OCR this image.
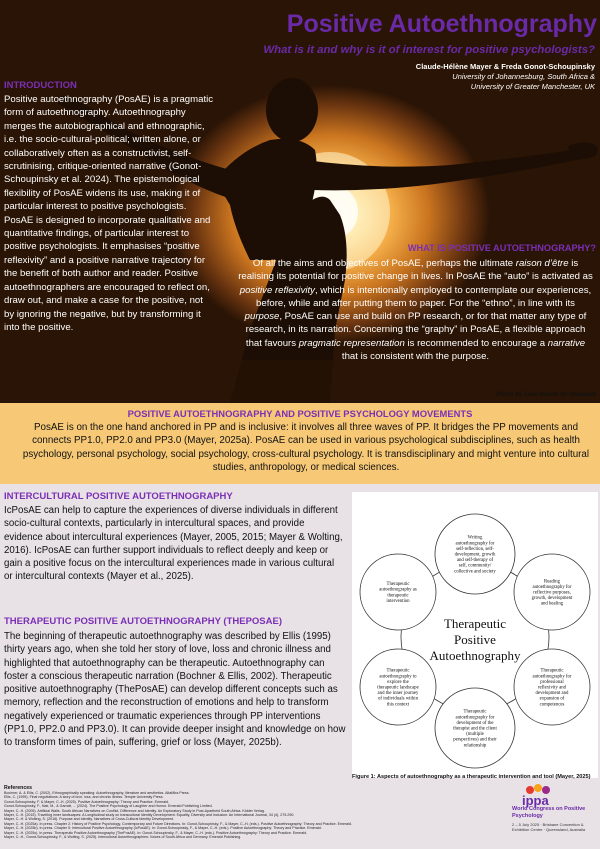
Positive Autoethnography
What is it and why is it of interest for positive psychologists?
Claude-Hélène Mayer & Freda Gonot-Schoupinsky
University of Johannesburg, South Africa &
University of Greater Manchester, UK
INTRODUCTION
Positive autoethnography (PosAE) is a pragmatic form of autoethnography. Autoethnography merges the autobiographical and ethnographic, i.e. the socio-cultural-political; written alone, or collaboratively often as a constructivist, self-scrutinising, critique-oriented narrative (Gonot-Schoupinsky et al. 2024). The epistemological flexibility of PosAE widens its use, making it of particular interest to positive psychologists.
PosAE is designed to incorporate qualitative and quantitative findings, of particular interest to positive psychologists. It emphasises “positive reflexivity” and a positive narrative trajectory for the benefit of both author and reader. Positive autoethnographers are encouraged to reflect on, draw out, and make a case for the positive, not by ignoring the negative, but by transforming it into the positive.
WHAT IS POSITIVE AUTOETHNOGRAPHY?
Of all the aims and objectives of PosAE, perhaps the ultimate raison d’être is realising its potential for positive change in lives. In PosAE the “auto” is activated as positive reflexivity, which is intentionally employed to contemplate our experiences, before, while and after putting them to paper. For the “ethno”, in line with its purpose, PosAE can use and build on PP research, or for that matter any type of research, in its narration. Concerning the “graphy” in PosAE, a flexible approach that favours pragmatic representation is recommended to encourage a narrative that is consistent with the purpose.
Photo by Zack Durant on Unsplash
POSITIVE AUTOETHNOGRAPHY AND POSITIVE PSYCHOLOGY MOVEMENTS
PosAE is on the one hand anchored in PP and is inclusive: it involves all three waves of PP. It bridges the PP movements and connects PP1.0, PP2.0 and PP3.0 (Mayer, 2025a). PosAE can be used in various psychological subdisciplines, such as health psychology, personal psychology, social psychology, cross-cultural psychology. It is transdisciplinary and might venture into cultural studies, anthropology, or medical sciences.
INTERCULTURAL POSITIVE AUTOETHNOGRAPHY
IcPosAE can help to capture the experiences of diverse individuals in different socio-cultural contexts, particularly in intercultural spaces, and provide evidence about intercultural experiences (Mayer, 2005, 2015; Mayer & Wolting, 2016). IcPosAE can further support individuals to reflect deeply and keep or gain a positive focus on the intercultural experiences made in various cultural or intercultural contexts (Mayer et al., 2025).
THERAPEUTIC POSITIVE AUTOETHNOGRAPHY (THEPOSAE)
The beginning of therapeutic autoethnography was described by Ellis (1995) thirty years ago, when she told her story of love, loss and chronic illness and highlighted that autoethnography can be therapeutic. Autoethnography can foster a conscious therapeutic narration (Bochner & Ellis, 2002). Therapeutic positive autoethnography (ThePosAE) can develop different concepts such as memory, reflection and the reconstruction of emotions and help to transform negatively experienced or traumatic experiences through PP interventions (PP1.0, PP2.0 and PP3.0). It can provide deeper insight and knowledge on how to transform times of pain, suffering, grief or loss (Mayer, 2025b).
Therapeutic
Positive
Autoethnography
Writing
autoethnography for
self-reflection, self-
development, growth
and self-therapy of
self, community/
collective and society
Reading
autoethnography for
reflective purposes,
growth, development
and healing
Therapeutic
autoethnography for
professional
reflexivity and
development and
expansion of
competences
Therapeutic
autoethnography for
development of the
therapist and the client
(multiple
perspectives) and their
relationship
Therapeutic
autoethnography to
explore the
therapeutic landscape
and the inner journey
of individuals within
this context
Therapeutic
autoethnography as
therapeutic
intervention
Figure 1: Aspects of autoethnography as a therapeutic intervention and tool (Mayer, 2025)
References
Bochner, A. & Ellis, C. (2002). Ethnographically speaking: Autoethnography, literature and aesthetics. AltaMira Press.
Ellis, C. (1995). Final negotiations: A story of love, loss, and chronic illness. Temple University Press.
Gonot-Schoupinsky, F. & Mayer, C.-H. (2025). Positive Autoethnography: Theory and Practice. Emerald.
Gonot-Schoupinsky, F., Nair, M., & Garratt, ... (2024). The Positive Psychology of Laughter and Humor. Emerald Publishing Limited.
Mayer, C.-H. (2005). Artificial Walls. South African Narratives on Conflict, Difference and Identity. An Exploratory Study in Post-Apartheid South Africa. Kidder Verlag.
Mayer, C.-H. (2015). Traveling inner landscapes: A Longitudinal study on transcultural Identity Development. Equality, Diversity and Inclusion: An International Journal, 34 (4), 279-290.
Mayer, C.-H. & Wolting, S. (2016). Purpose and Identity. Narratives of Cross-Cultural Identity Development.
Mayer, C.-H. (2025a). In press. Chapter 2: History of Positive Psychology, Contemporary and Future Directions. In: Gonot-Schoupinsky, F., & Mayer, C.-H. (eds.). Positive Autoethnography: Theory and Practice. Emerald.
Mayer, C.-H. (2025b). In press. Chapter 5: Intercultural Positive Autoethnography (IcPosAE). In: Gonot-Schoupinsky, F., & Mayer, C.-H. (eds.). Positive Autoethnography: Theory and Practice. Emerald.
Mayer, C.-H. (2025c). In press. Therapeutic Positive Autoethnography (ThePosAE). In: Gonot-Schoupinsky, F., & Mayer, C.-H. (eds.). Positive Autoethnography: Theory and Practice. Emerald.
Mayer, C.-H., Gonot-Schoupinsky, F., & Wolting, S. (2025). Intercultural Autoethnographies: Voices of South Africa and Germany. Emerald Publishing.
ippa
World Congress on Positive Psychology
2 – 5 July 2025 · Brisbane Convention & Exhibition Centre · Queensland, Australia
